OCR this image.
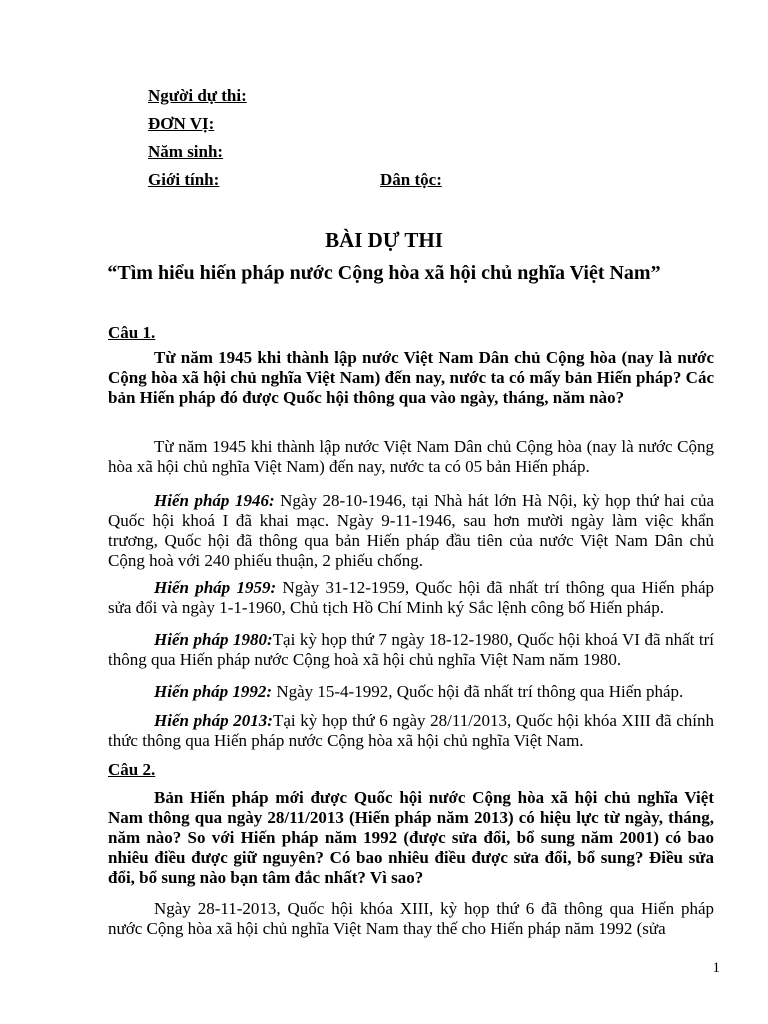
Người dự thi:
ĐƠN VỊ:
Năm sinh:
Giới tính:	Dân tộc:
BÀI DỰ THI
“Tìm hiểu hiến pháp nước Cộng hòa xã hội chủ nghĩa Việt Nam”
Câu 1.
Từ năm 1945 khi thành lập nước Việt Nam Dân chủ Cộng hòa (nay là nước Cộng hòa xã hội chủ nghĩa Việt Nam) đến nay, nước ta có mấy bản Hiến pháp? Các bản Hiến pháp đó được Quốc hội thông qua vào ngày, tháng, năm nào?
Từ năm 1945 khi thành lập nước Việt Nam Dân chủ Cộng hòa (nay là nước Cộng hòa xã hội chủ nghĩa Việt Nam) đến nay, nước ta có 05 bản Hiến pháp.
Hiến pháp 1946: Ngày 28-10-1946, tại Nhà hát lớn Hà Nội, kỳ họp thứ hai của Quốc hội khoá I đã khai mạc. Ngày 9-11-1946, sau hơn mười ngày làm việc khẩn trương, Quốc hội đã thông qua bản Hiến pháp đầu tiên của nước Việt Nam Dân chủ Cộng hoà với 240 phiếu thuận, 2 phiếu chống.
Hiến pháp 1959: Ngày 31-12-1959, Quốc hội đã nhất trí thông qua Hiến pháp sửa đổi và ngày 1-1-1960, Chủ tịch Hồ Chí Minh ký Sắc lệnh công bố Hiến pháp.
Hiến pháp 1980:Tại kỳ họp thứ 7 ngày 18-12-1980, Quốc hội khoá VI đã nhất trí thông qua Hiến pháp nước Cộng hoà xã hội chủ nghĩa Việt Nam năm 1980.
Hiến pháp 1992: Ngày 15-4-1992, Quốc hội đã nhất trí thông qua Hiến pháp.
Hiến pháp 2013:Tại kỳ họp thứ 6 ngày 28/11/2013, Quốc hội khóa XIII đã chính thức thông qua Hiến pháp nước Cộng hòa xã hội chủ nghĩa Việt Nam.
Câu 2.
Bản Hiến pháp mới được Quốc hội nước Cộng hòa xã hội chủ nghĩa Việt Nam thông qua ngày 28/11/2013 (Hiến pháp năm 2013) có hiệu lực từ ngày, tháng, năm nào? So với Hiến pháp năm 1992 (được sửa đổi, bổ sung năm 2001) có bao nhiêu điều được giữ nguyên? Có bao nhiêu điều được sửa đổi, bổ sung? Điều sửa đổi, bổ sung nào bạn tâm đắc nhất? Vì sao?
Ngày 28-11-2013, Quốc hội khóa XIII, kỳ họp thứ 6 đã thông qua Hiến pháp nước Cộng hòa xã hội chủ nghĩa Việt Nam thay thế cho Hiến pháp năm 1992 (sửa
1
